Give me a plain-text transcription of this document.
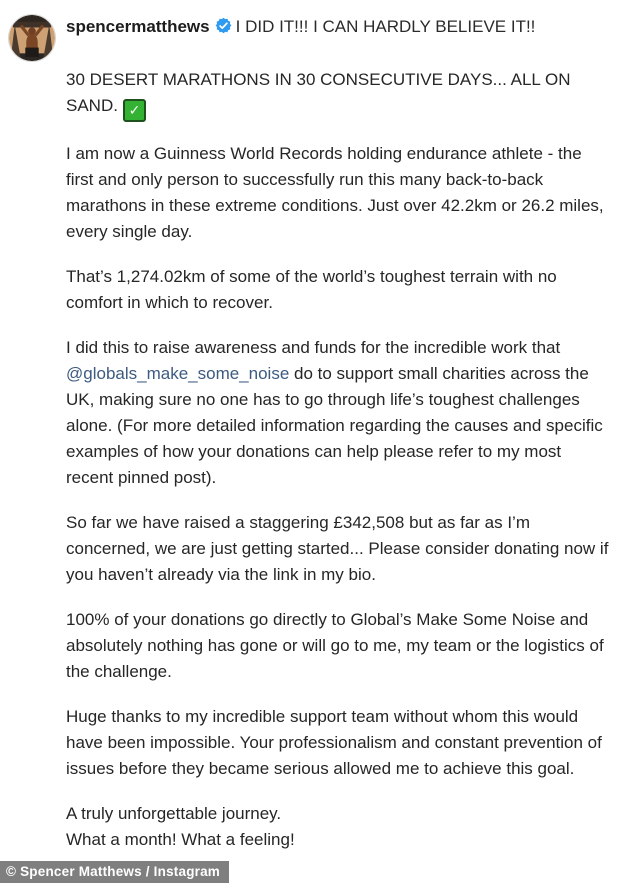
spencermatthews I DID IT!!! I CAN HARDLY BELIEVE IT!!

30 DESERT MARATHONS IN 30 CONSECUTIVE DAYS... ALL ON SAND. ✓

I am now a Guinness World Records holding endurance athlete - the first and only person to successfully run this many back-to-back marathons in these extreme conditions. Just over 42.2km or 26.2 miles, every single day.

That’s 1,274.02km of some of the world’s toughest terrain with no comfort in which to recover.

I did this to raise awareness and funds for the incredible work that @globals_make_some_noise do to support small charities across the UK, making sure no one has to go through life’s toughest challenges alone. (For more detailed information regarding the causes and specific examples of how your donations can help please refer to my most recent pinned post).

So far we have raised a staggering £342,508 but as far as I’m concerned, we are just getting started... Please consider donating now if you haven’t already via the link in my bio.

100% of your donations go directly to Global’s Make Some Noise and absolutely nothing has gone or will go to me, my team or the logistics of the challenge.

Huge thanks to my incredible support team without whom this would have been impossible. Your professionalism and constant prevention of issues before they became serious allowed me to achieve this goal.

A truly unforgettable journey.
What a month! What a feeling!

© Spencer Matthews / Instagram
